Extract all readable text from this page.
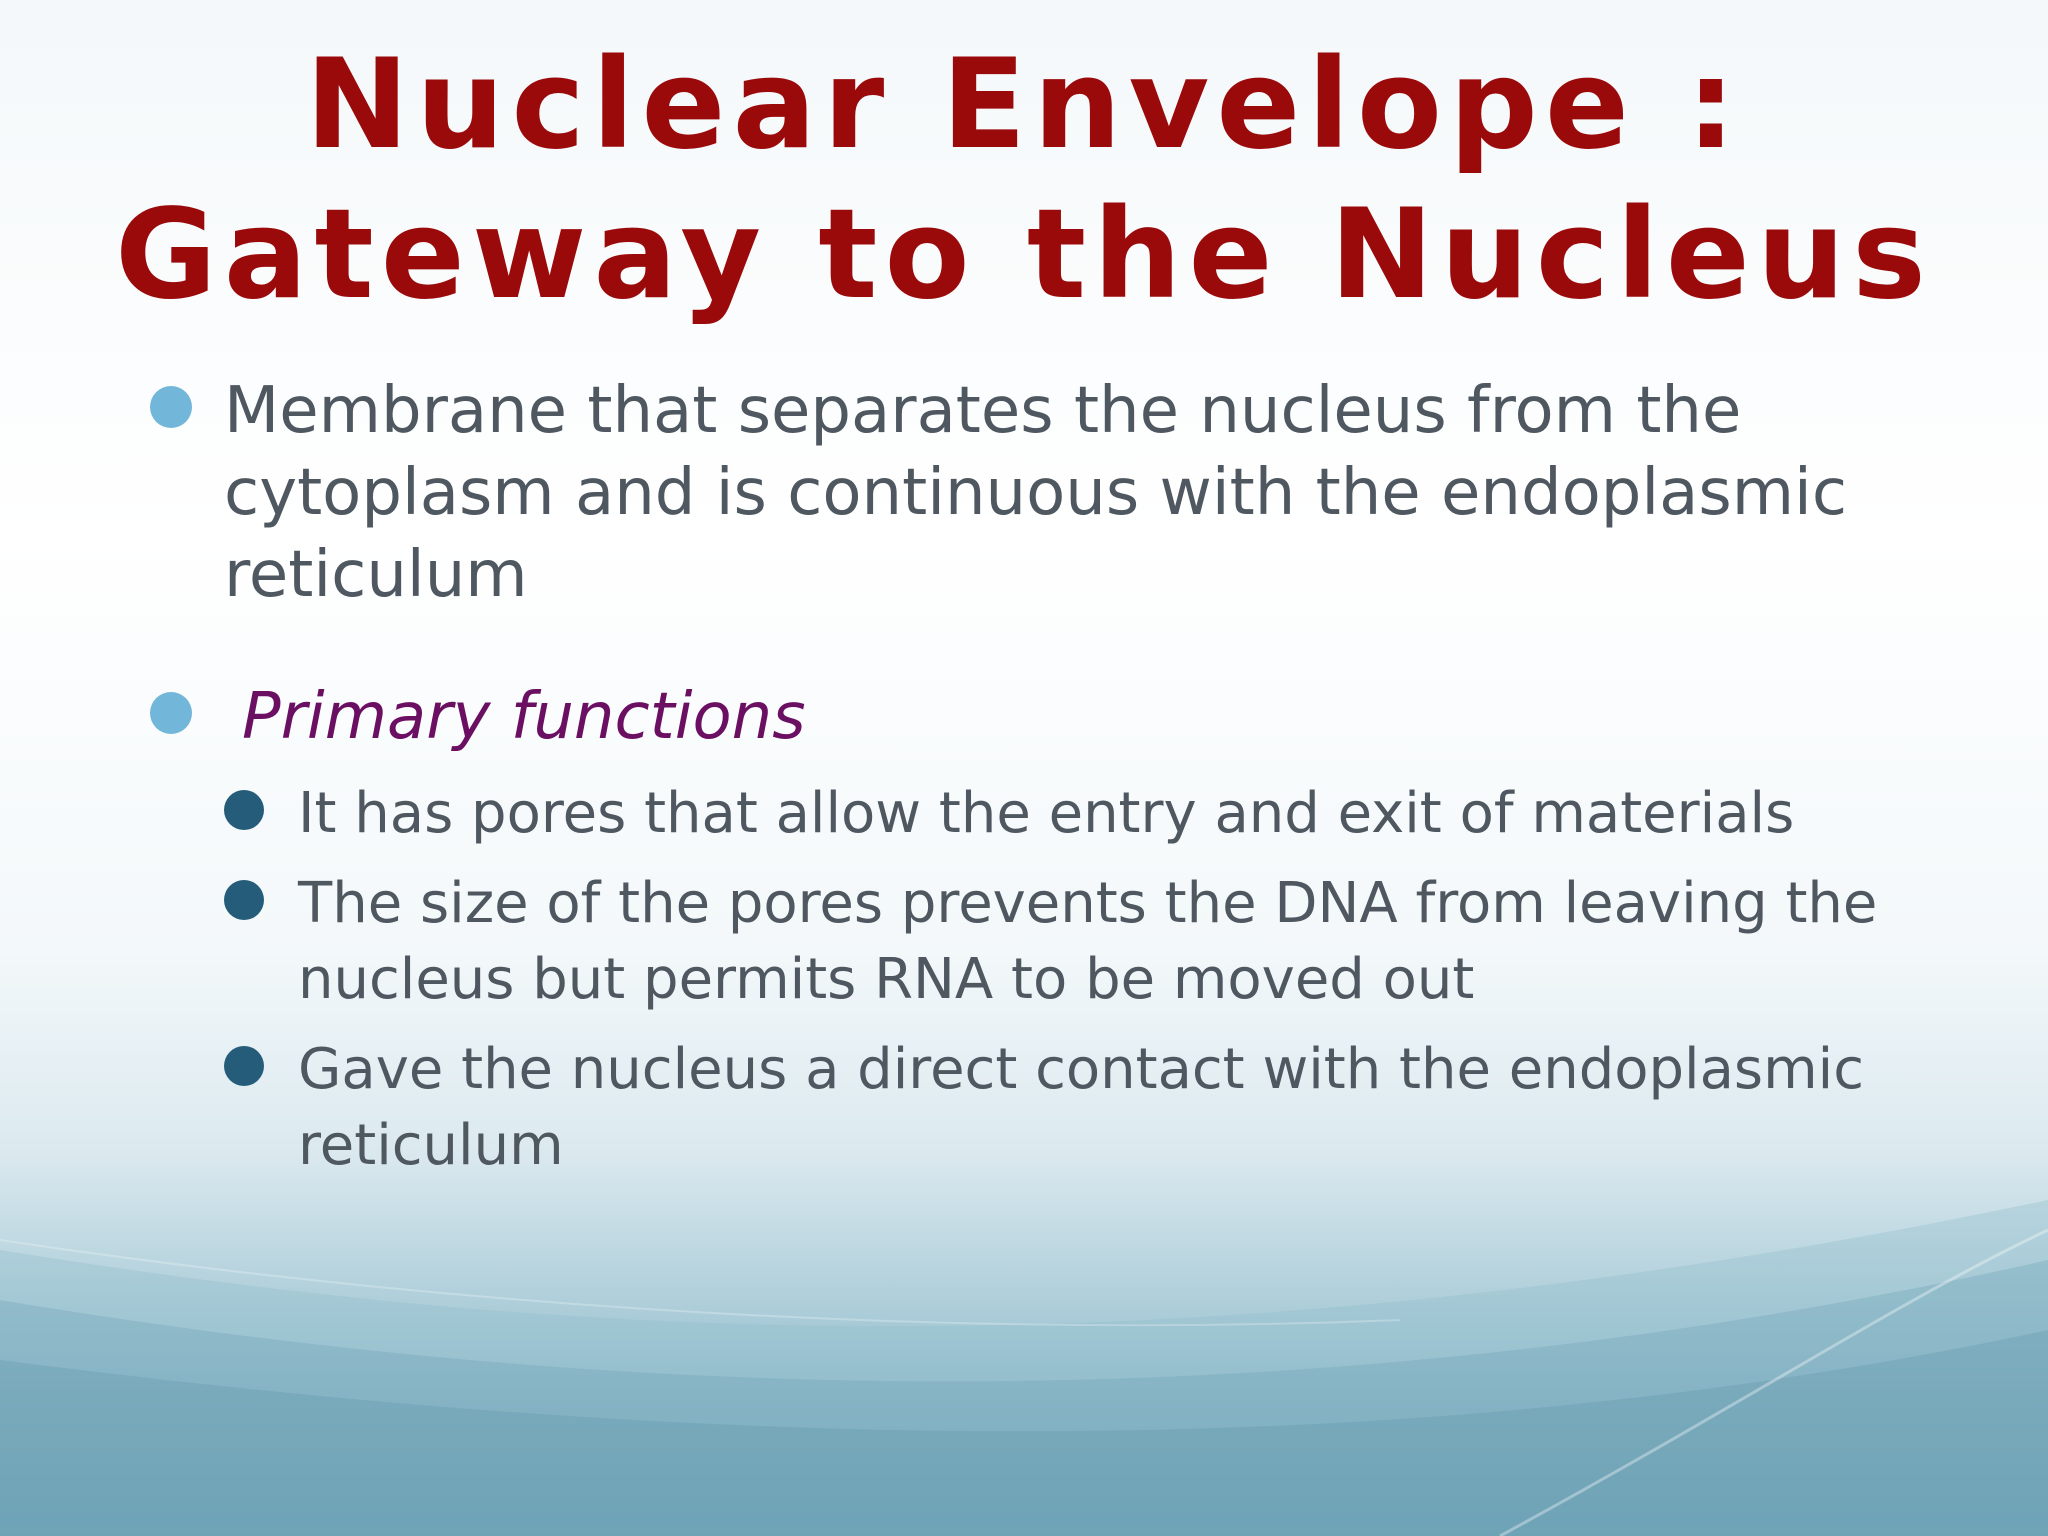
Nuclear Envelope :
Gateway to the Nucleus
Membrane that separates the nucleus from the cytoplasm and is continuous with the endoplasmic reticulum
Primary functions
It has pores that allow the entry and exit of materials
The size of the pores prevents the DNA from leaving the nucleus but permits RNA to be moved out
Gave the nucleus a direct contact with the endoplasmic reticulum
